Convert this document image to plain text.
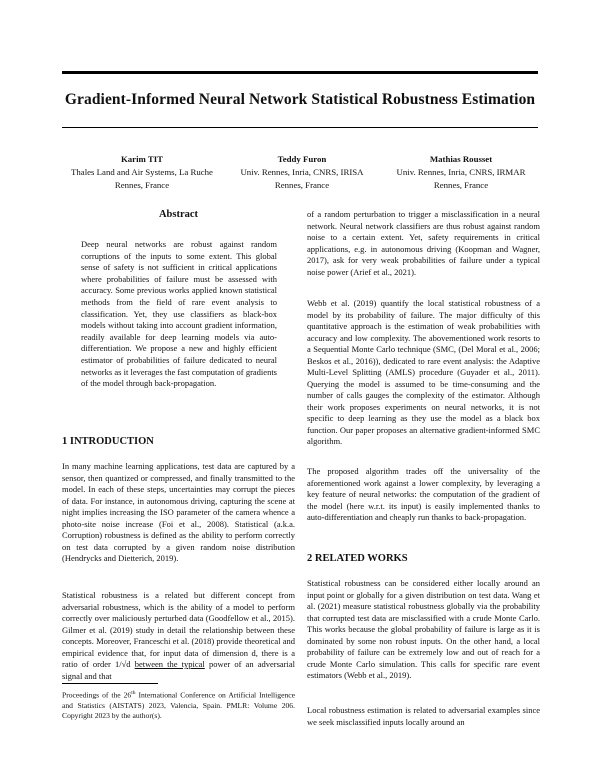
Gradient-Informed Neural Network Statistical Robustness Estimation
Karim TIT
Thales Land and Air Systems, La Ruche
Rennes, France
Teddy Furon
Univ. Rennes, Inria, CNRS, IRISA
Rennes, France
Mathias Rousset
Univ. Rennes, Inria, CNRS, IRMAR
Rennes, France
Abstract
Deep neural networks are robust against random corruptions of the inputs to some extent. This global sense of safety is not sufficient in critical applications where probabilities of failure must be assessed with accuracy. Some previous works applied known statistical methods from the field of rare event analysis to classification. Yet, they use classifiers as black-box models without taking into account gradient information, readily available for deep learning models via auto-differentiation. We propose a new and highly efficient estimator of probabilities of failure dedicated to neural networks as it leverages the fast computation of gradients of the model through back-propagation.
1 INTRODUCTION

In many machine learning applications, test data are captured by a sensor, then quantized or compressed, and finally transmitted to the model. In each of these steps, uncertainties may corrupt the pieces of data. For instance, in autonomous driving, capturing the scene at night implies increasing the ISO parameter of the camera whence a photo-site noise increase (Foi et al., 2008). Statistical (a.k.a. Corruption) robustness is defined as the ability to perform correctly on test data corrupted by a given random noise distribution (Hendrycks and Dietterich, 2019).

Statistical robustness is a related but different concept from adversarial robustness, which is the ability of a model to perform correctly over maliciously perturbed data (Goodfellow et al., 2015). Gilmer et al. (2019) study in detail the relationship between these concepts. Moreover, Franceschi et al. (2018) provide theoretical and empirical evidence that, for input data of dimension d, there is a ratio of order 1/√d between the typical power of an adversarial signal and that

Proceedings of the 26th International Conference on Artificial Intelligence and Statistics (AISTATS) 2023, Valencia, Spain. PMLR: Volume 206. Copyright 2023 by the author(s).

of a random perturbation to trigger a misclassification in a neural network. Neural network classifiers are thus robust against random noise to a certain extent. Yet, safety requirements in critical applications, e.g. in autonomous driving (Koopman and Wagner, 2017), ask for very weak probabilities of failure under a typical noise power (Arief et al., 2021).

Webb et al. (2019) quantify the local statistical robustness of a model by its probability of failure. The major difficulty of this quantitative approach is the estimation of weak probabilities with accuracy and low complexity. The abovementioned work resorts to a Sequential Monte Carlo technique (SMC, (Del Moral et al., 2006; Beskos et al., 2016)), dedicated to rare event analysis: the Adaptive Multi-Level Splitting (AMLS) procedure (Guyader et al., 2011). Querying the model is assumed to be time-consuming and the number of calls gauges the complexity of the estimator. Although their work proposes experiments on neural networks, it is not specific to deep learning as they use the model as a black box function. Our paper proposes an alternative gradient-informed SMC algorithm.

The proposed algorithm trades off the universality of the aforementioned work against a lower complexity, by leveraging a key feature of neural networks: the computation of the gradient of the model (here w.r.t. its input) is easily implemented thanks to auto-differentiation and cheaply run thanks to back-propagation.

2 RELATED WORKS

Statistical robustness can be considered either locally around an input point or globally for a given distribution on test data. Wang et al. (2021) measure statistical robustness globally via the probability that corrupted test data are misclassified with a crude Monte Carlo. This works because the global probability of failure is large as it is dominated by some non robust inputs. On the other hand, a local probability of failure can be extremely low and out of reach for a crude Monte Carlo simulation. This calls for specific rare event estimators (Webb et al., 2019).

Local robustness estimation is related to adversarial examples since we seek misclassified inputs locally around an
